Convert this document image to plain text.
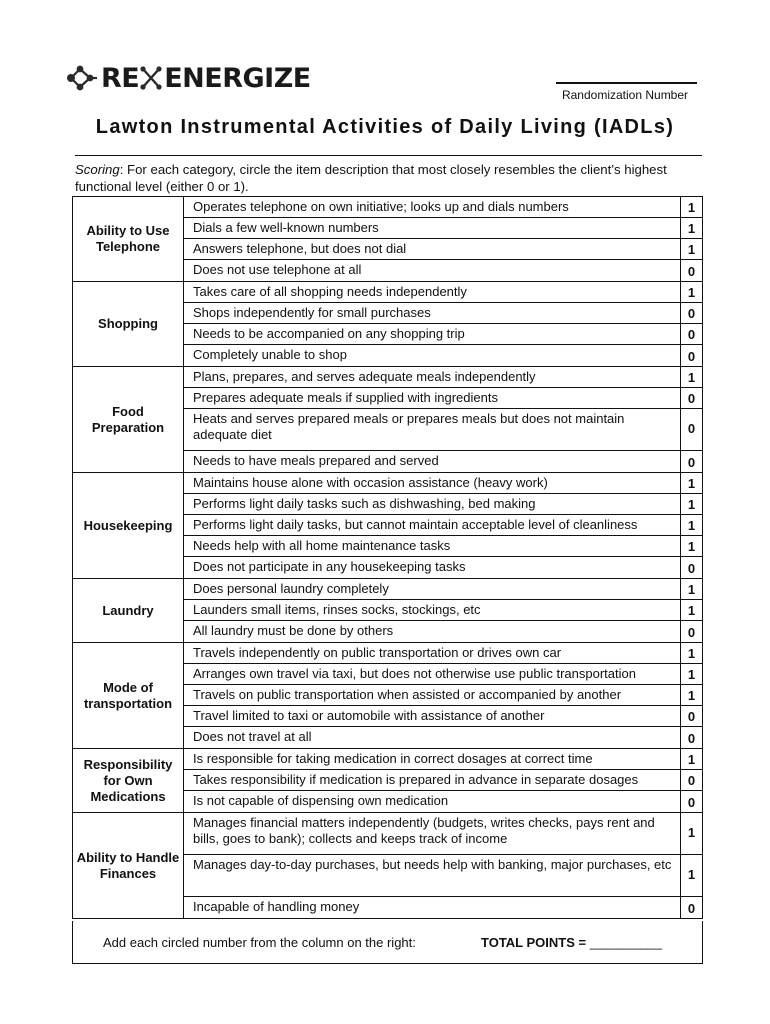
RE ENERGIZE
Randomization Number
Lawton Instrumental Activities of Daily Living (IADLs)
Scoring: For each category, circle the item description that most closely resembles the client’s highest functional level (either 0 or 1).
Ability to Use Telephone	Operates telephone on own initiative; looks up and dials numbers	1
	Dials a few well-known numbers	1
	Answers telephone, but does not dial	1
	Does not use telephone at all	0
Shopping	Takes care of all shopping needs independently	1
	Shops independently for small purchases	0
	Needs to be accompanied on any shopping trip	0
	Completely unable to shop	0
Food Preparation	Plans, prepares, and serves adequate meals independently	1
	Prepares adequate meals if supplied with ingredients	0
	Heats and serves prepared meals or prepares meals but does not maintain adequate diet	0
	Needs to have meals prepared and served	0
Housekeeping	Maintains house alone with occasion assistance (heavy work)	1
	Performs light daily tasks such as dishwashing, bed making	1
	Performs light daily tasks, but cannot maintain acceptable level of cleanliness	1
	Needs help with all home maintenance tasks	1
	Does not participate in any housekeeping tasks	0
Laundry	Does personal laundry completely	1
	Launders small items, rinses socks, stockings, etc	1
	All laundry must be done by others	0
Mode of transportation	Travels independently on public transportation or drives own car	1
	Arranges own travel via taxi, but does not otherwise use public transportation	1
	Travels on public transportation when assisted or accompanied by another	1
	Travel limited to taxi or automobile with assistance of another	0
	Does not travel at all	0
Responsibility for Own Medications	Is responsible for taking medication in correct dosages at correct time	1
	Takes responsibility if medication is prepared in advance in separate dosages	0
	Is not capable of dispensing own medication	0
Ability to Handle Finances	Manages financial matters independently (budgets, writes checks, pays rent and bills, goes to bank); collects and keeps track of income	1
	Manages day-to-day purchases, but needs help with banking, major purchases, etc	1
	Incapable of handling money	0
Add each circled number from the column on the right:	TOTAL POINTS = __________
